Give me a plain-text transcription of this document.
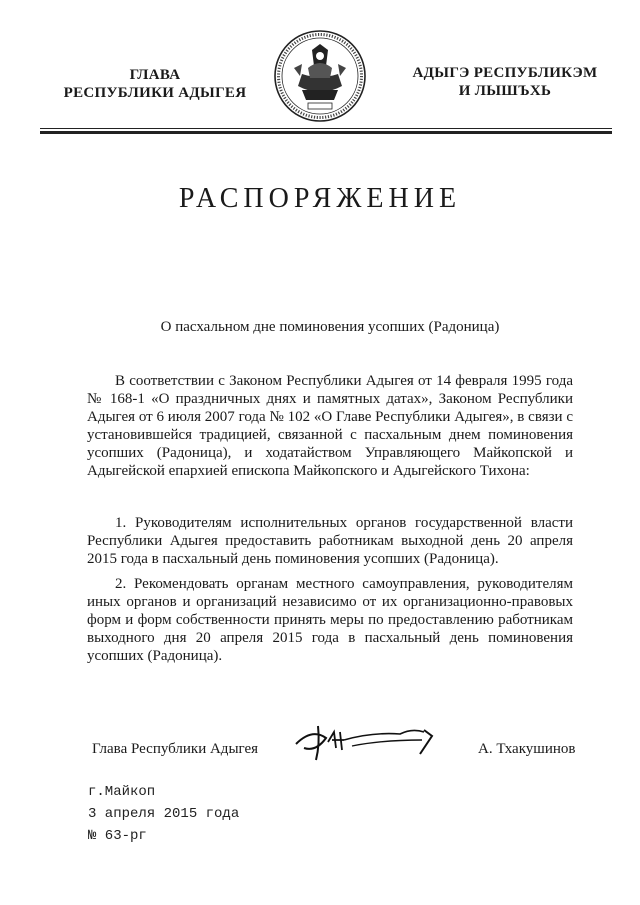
ГЛАВА
РЕСПУБЛИКИ АДЫГЕЯ
АДЫГЭ РЕСПУБЛИКЭМ
И ЛЫШЪХЬ
РАСПОРЯЖЕНИЕ
О пасхальном дне поминовения усопших (Радоница)
В соответствии с Законом Республики Адыгея от 14 февраля 1995 года № 168-1 «О праздничных днях и памятных датах», Законом Республики Адыгея от 6 июля 2007 года № 102 «О Главе Республики Адыгея», в связи с установившейся традицией, связанной с пасхальным днем поминовения усопших (Радоница), и ходатайством Управляющего Майкопской и Адыгейской епархией епископа Майкопского и Адыгейского Тихона:
1. Руководителям исполнительных органов государственной власти Республики Адыгея предоставить работникам выходной день 20 апреля 2015 года в пасхальный день поминовения усопших (Радоница).
2. Рекомендовать органам местного самоуправления, руководителям иных органов и организаций независимо от их организационно-правовых форм и форм собственности принять меры по предоставлению работникам выходного дня 20 апреля 2015 года в пасхальный день поминовения усопших (Радоница).
Глава Республики Адыгея	А. Тхакушинов
г.Майкоп
3 апреля 2015 года
№ 63-рг
